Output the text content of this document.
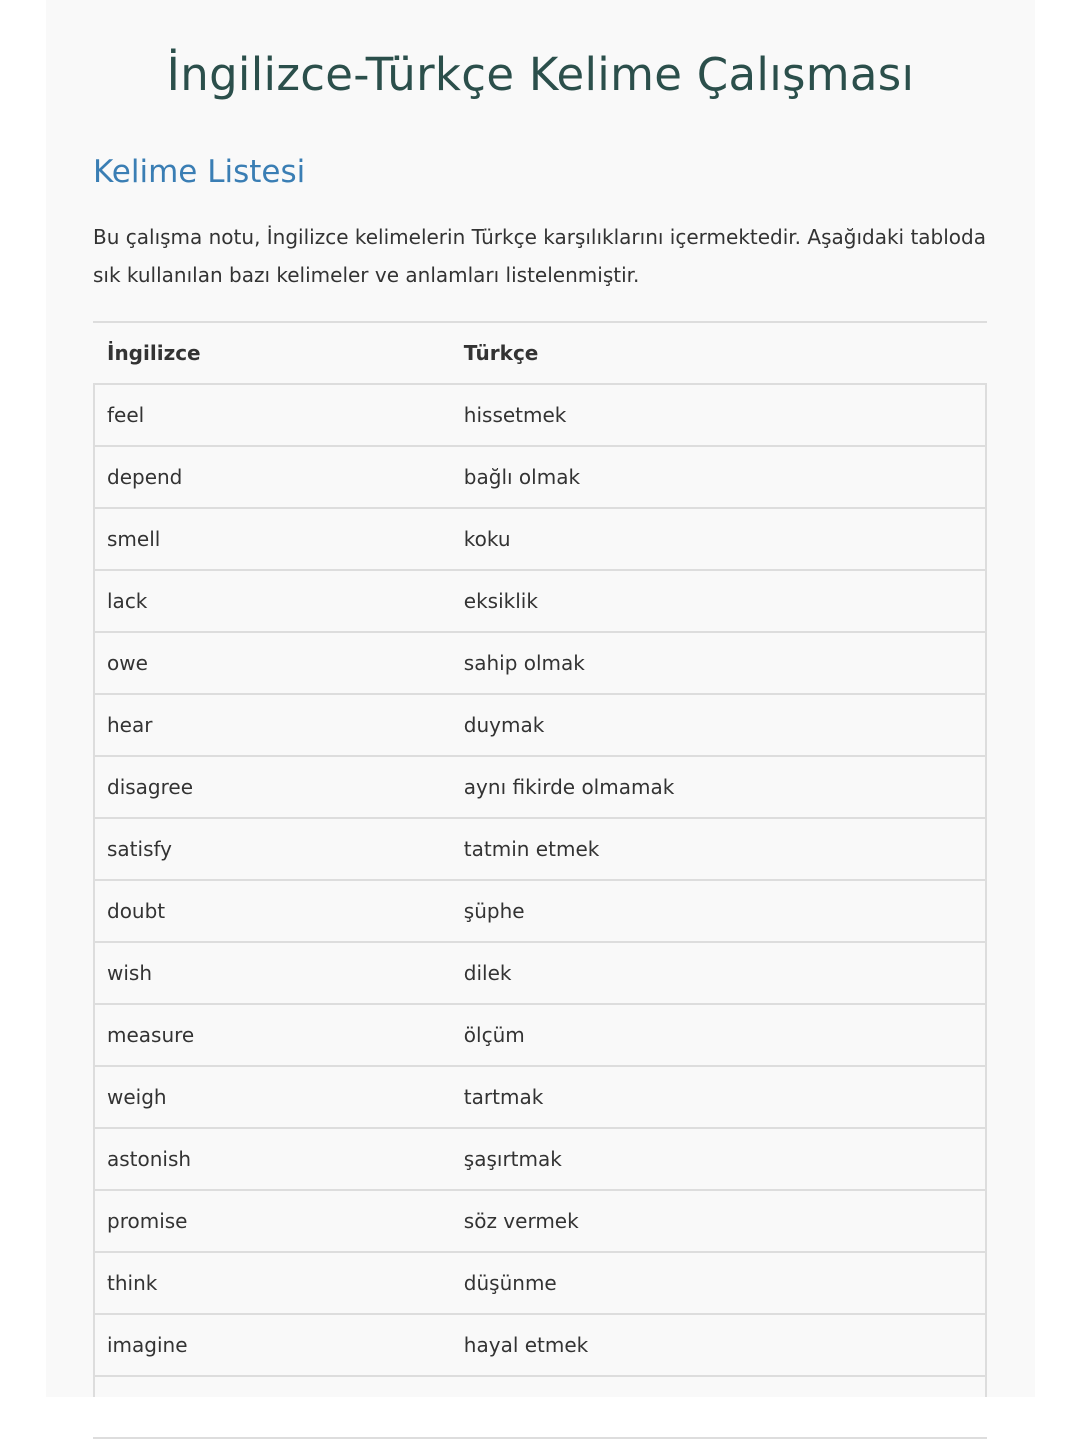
İngilizce-Türkçe Kelime Çalışması
Kelime Listesi

Bu çalışma notu, İngilizce kelimelerin Türkçe karşılıklarını içermektedir. Aşağıdaki tabloda sık kullanılan bazı kelimeler ve anlamları listelenmiştir.

İngilizce	Türkçe
feel	hissetmek
depend	bağlı olmak
smell	koku
lack	eksiklik
owe	sahip olmak
hear	duymak
disagree	aynı fikirde olmamak
satisfy	tatmin etmek
doubt	şüphe
wish	dilek
measure	ölçüm
weigh	tartmak
astonish	şaşırtmak
promise	söz vermek
think	düşünme
imagine	hayal etmek
